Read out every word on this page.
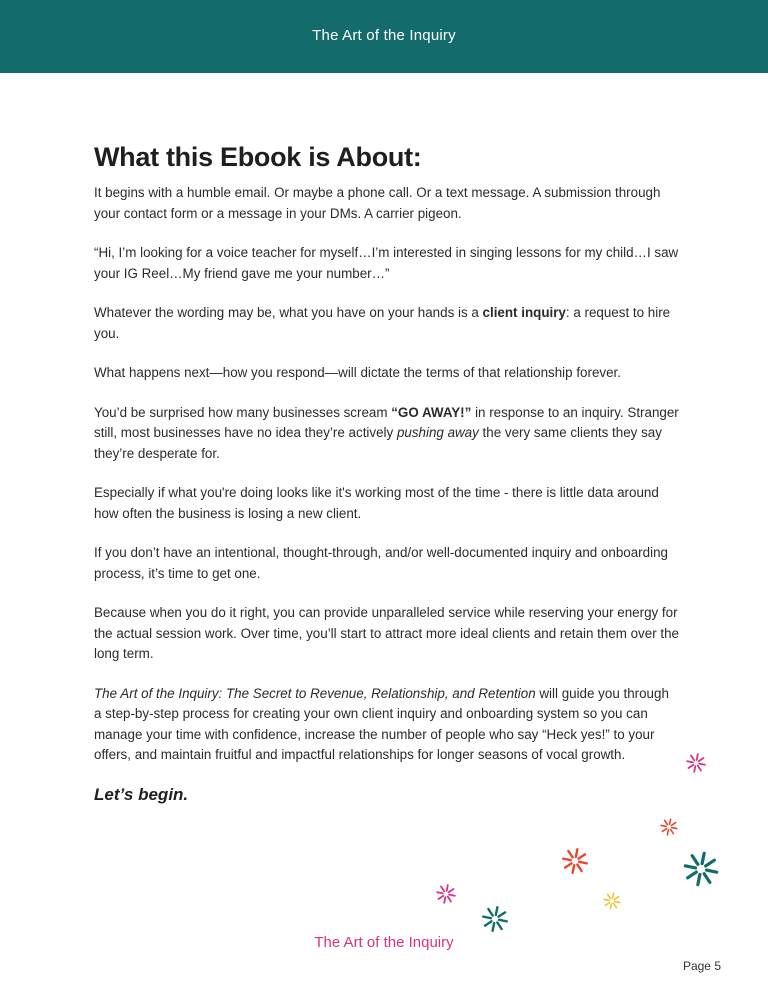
The Art of the Inquiry
What this Ebook is About:

It begins with a humble email. Or maybe a phone call. Or a text message. A submission through your contact form or a message in your DMs. A carrier pigeon.

“Hi, I’m looking for a voice teacher for myself…I’m interested in singing lessons for my child…I saw your IG Reel…My friend gave me your number…”

Whatever the wording may be, what you have on your hands is a client inquiry: a request to hire you.

What happens next—how you respond—will dictate the terms of that relationship forever.

You’d be surprised how many businesses scream “GO AWAY!” in response to an inquiry. Stranger still, most businesses have no idea they’re actively pushing away the very same clients they say they’re desperate for.

Especially if what you're doing looks like it's working most of the time - there is little data around how often the business is losing a new client.

If you don’t have an intentional, thought-through, and/or well-documented inquiry and onboarding process, it’s time to get one.

Because when you do it right, you can provide unparalleled service while reserving your energy for the actual session work. Over time, you’ll start to attract more ideal clients and retain them over the long term.

The Art of the Inquiry: The Secret to Revenue, Relationship, and Retention will guide you through a step-by-step process for creating your own client inquiry and onboarding system so you can manage your time with confidence, increase the number of people who say “Heck yes!” to your offers, and maintain fruitful and impactful relationships for longer seasons of vocal growth.

Let’s begin.
The Art of the Inquiry
Page 5
